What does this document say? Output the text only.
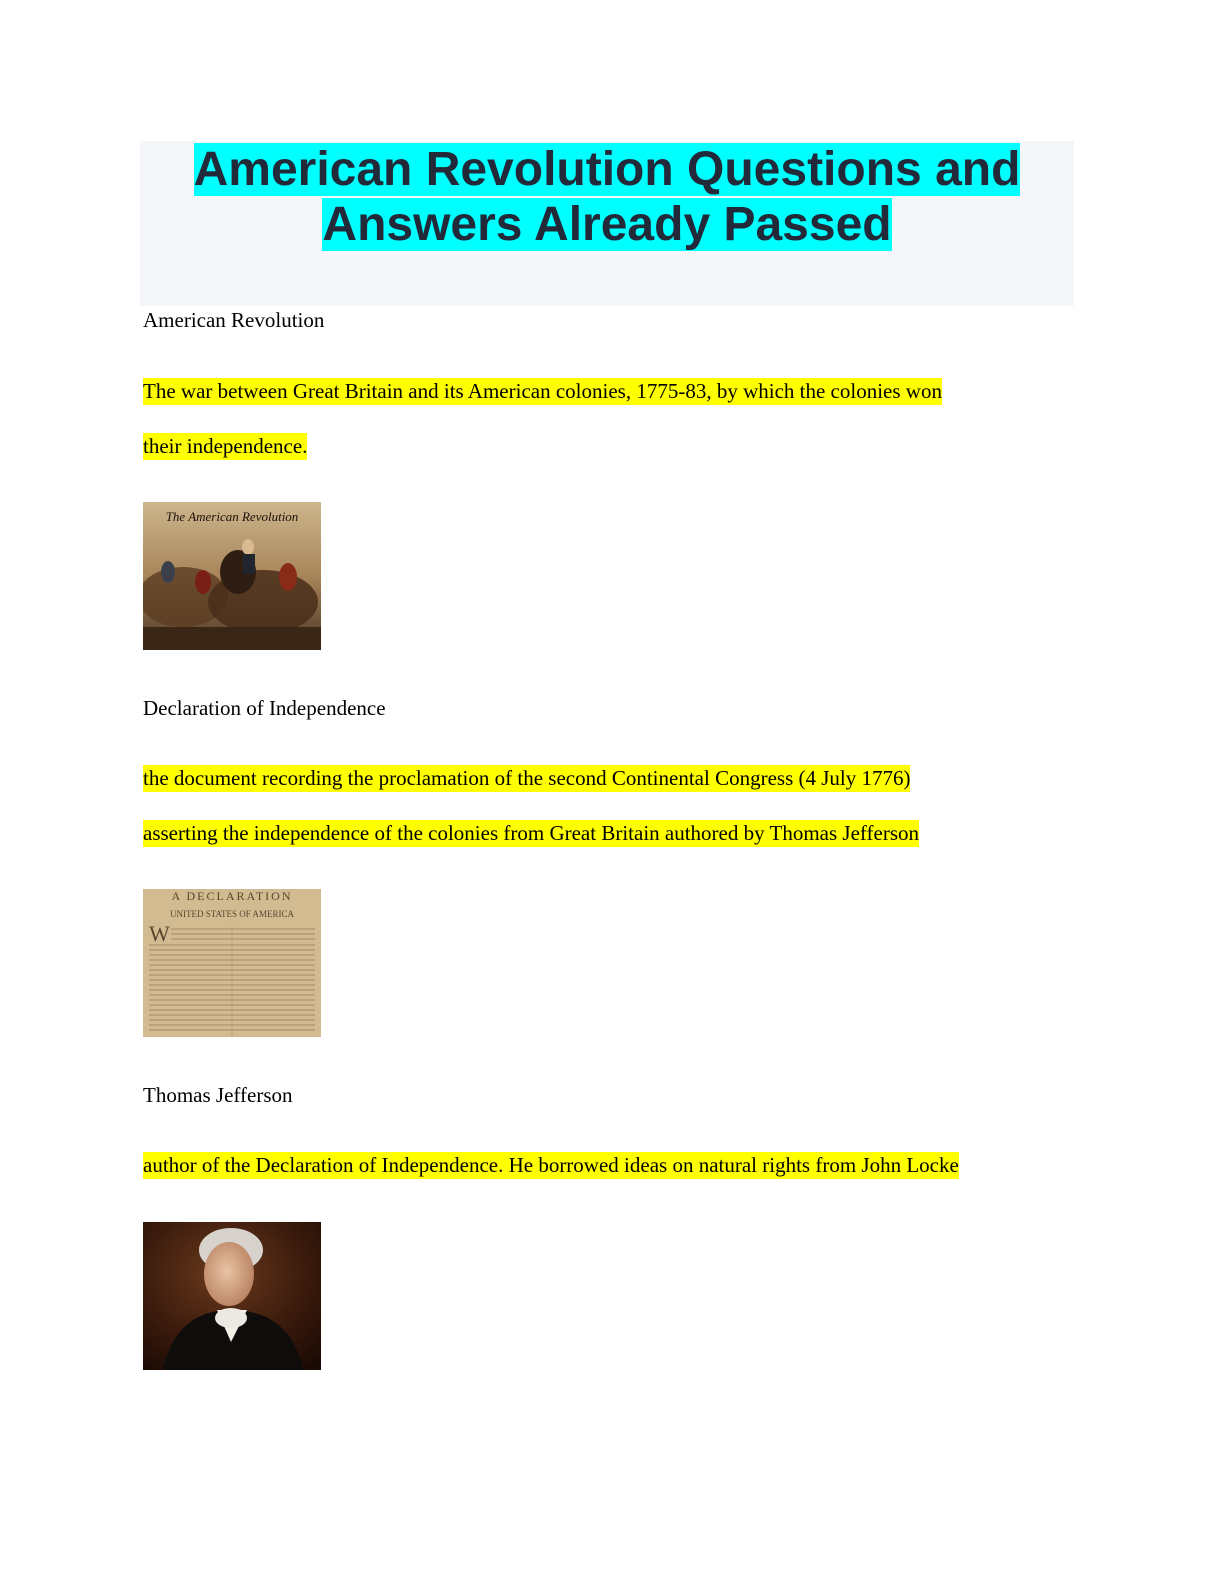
American Revolution Questions and
Answers Already Passed
American Revolution
The war between Great Britain and its American colonies, 1775-83, by which the colonies won
their independence.
The American Revolution
Declaration of Independence
the document recording the proclamation of the second Continental Congress (4 July 1776)
asserting the independence of the colonies from Great Britain authored by Thomas Jefferson
A DECLARATION
UNITED STATES OF AMERICA
W
Thomas Jefferson
author of the Declaration of Independence. He borrowed ideas on natural rights from John Locke
